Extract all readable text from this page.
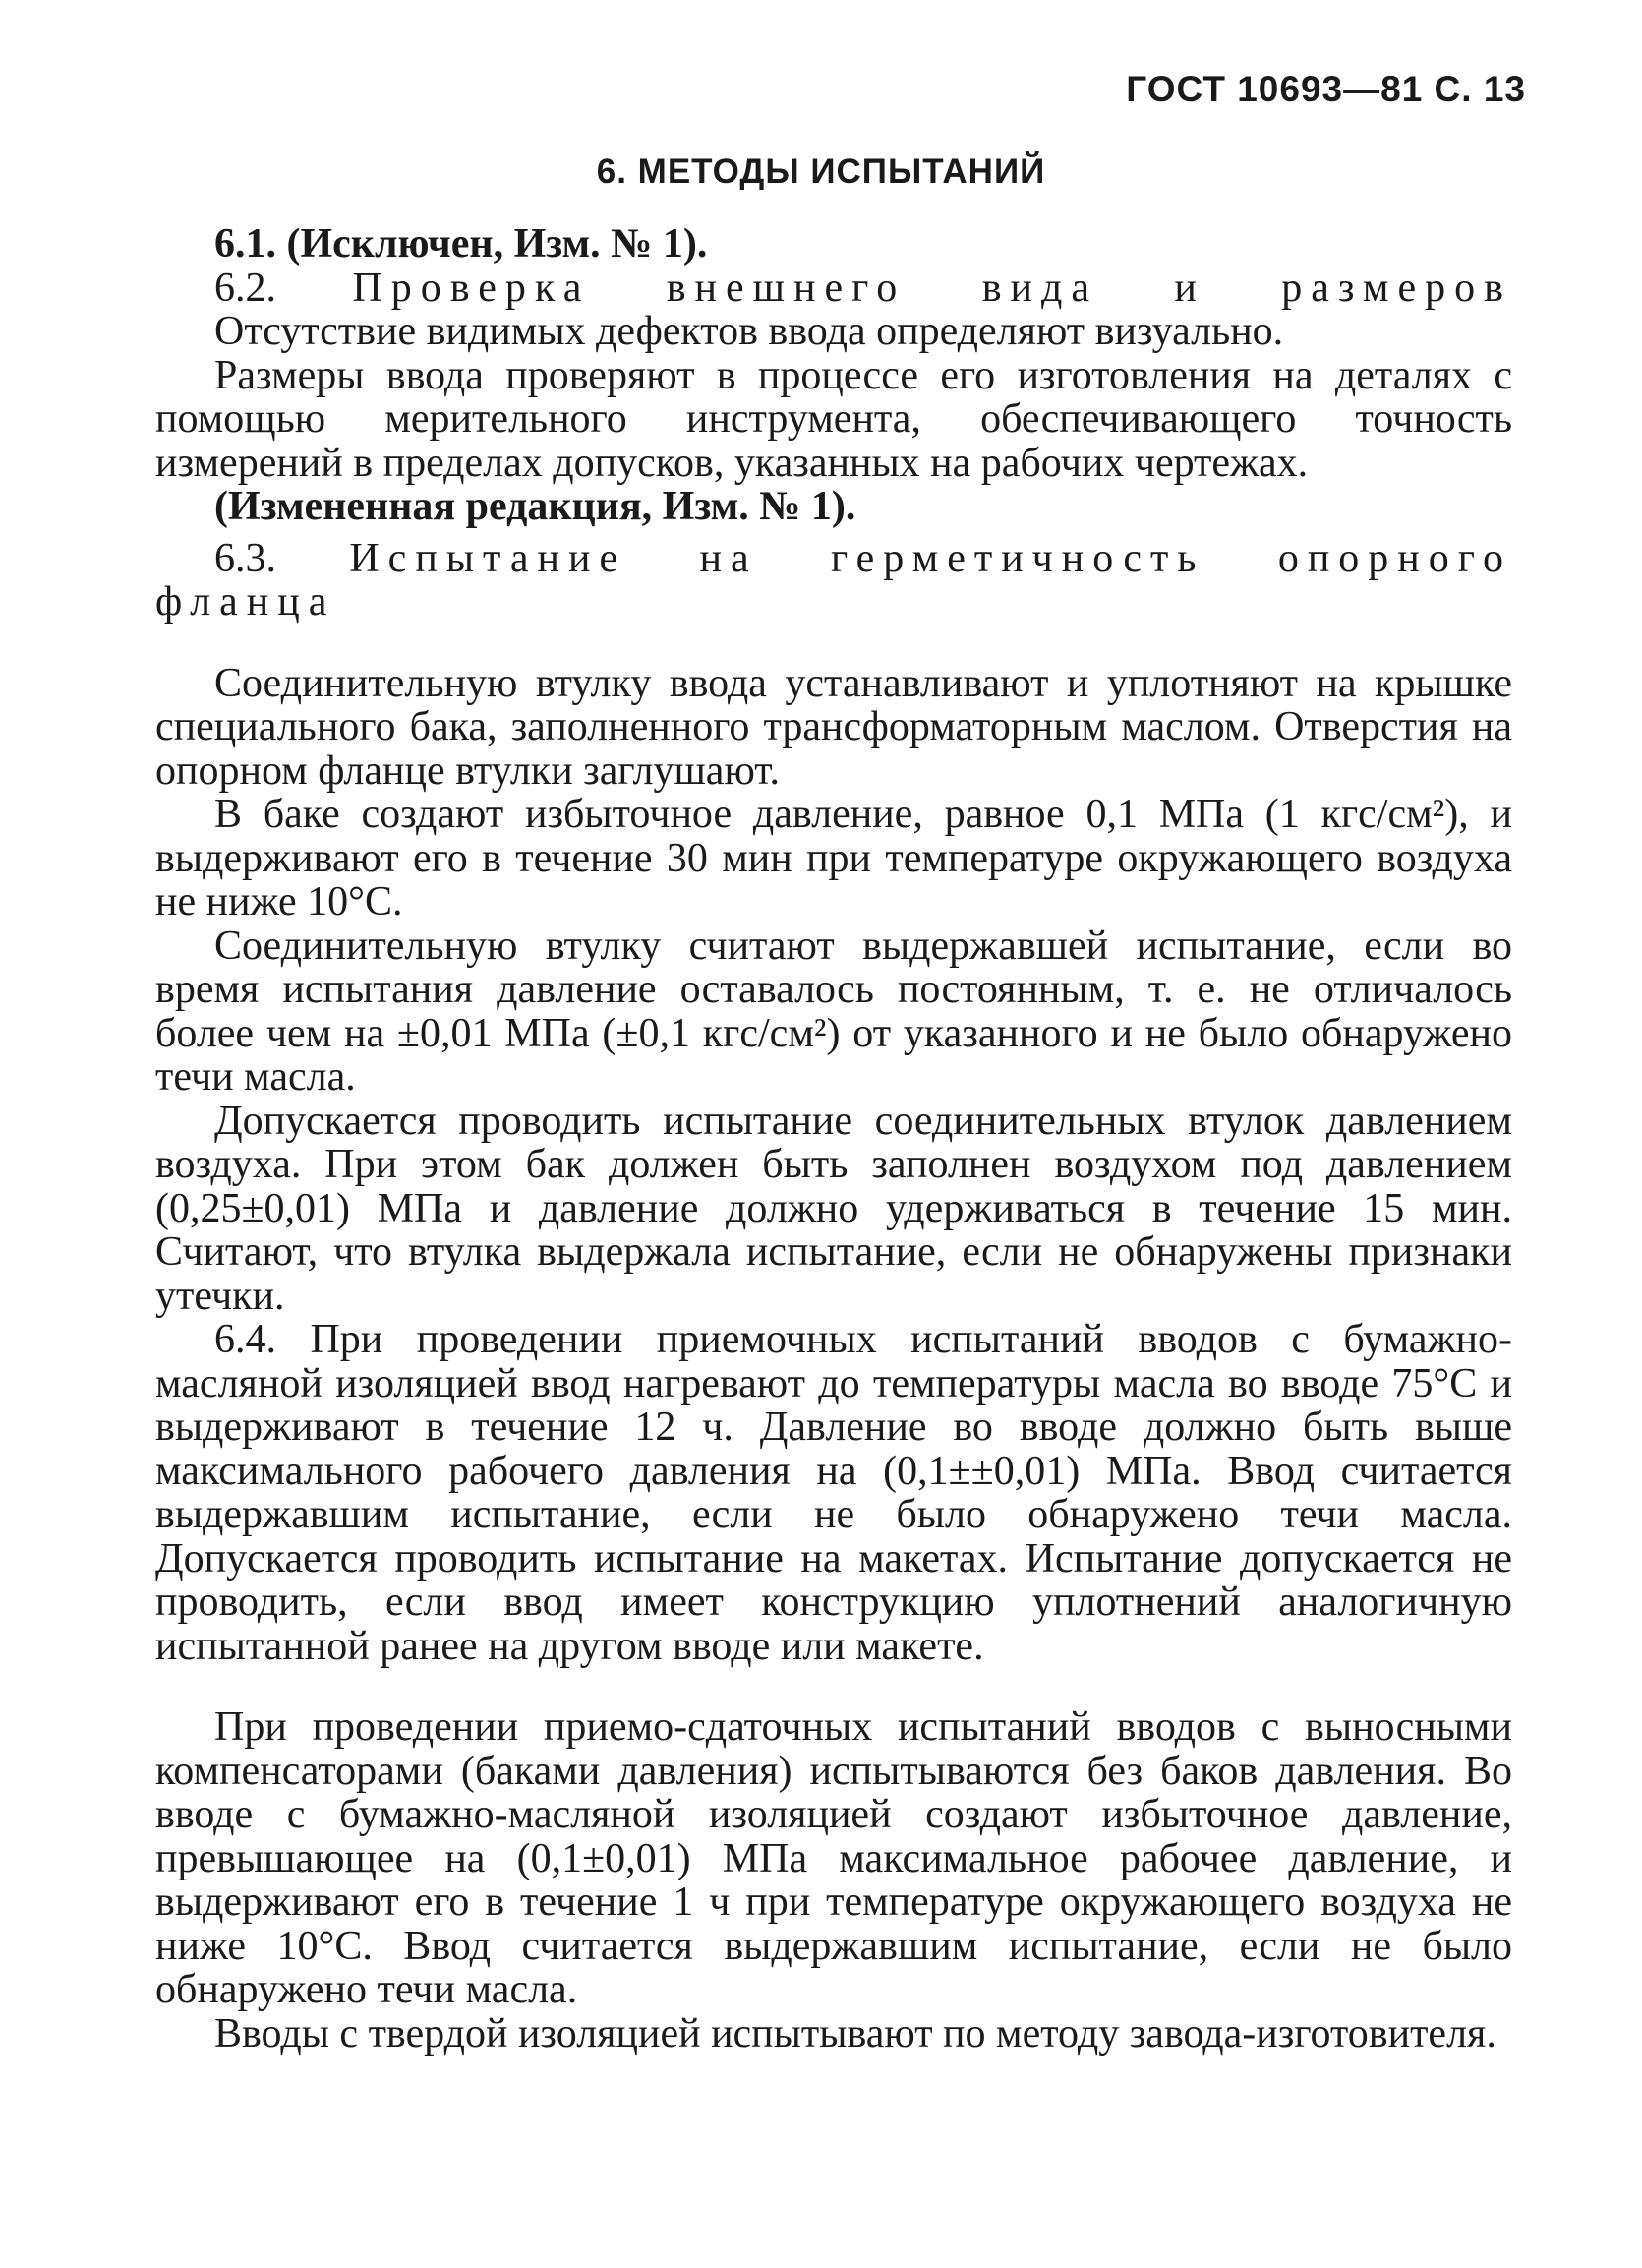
ГОСТ 10693—81 С. 13
6. МЕТОДЫ ИСПЫТАНИЙ

6.1. (Исключен, Изм. № 1).

6.2. Проверка внешнего вида и размеров

Отсутствие видимых дефектов ввода определяют визуально.

Размеры ввода проверяют в процессе его изготовления на деталях с помощью мерительного инструмента, обеспечивающего точность измерений в пределах допусков, указанных на рабочих чертежах.

(Измененная редакция, Изм. № 1).

6.3. Испытание на герметичность опорного

фланца

Соединительную втулку ввода устанавливают и уплотняют на крышке специального бака, заполненного трансформаторным маслом. Отверстия на опорном фланце втулки заглушают.

В баке создают избыточное давление, равное 0,1 МПа (1 кгс/см²), и выдерживают его в течение 30 мин при температуре окружающего воздуха не ниже 10°С.

Соединительную втулку считают выдержавшей испытание, если во время испытания давление оставалось постоянным, т. е. не отличалось более чем на ±0,01 МПа (±0,1 кгс/см²) от указанного и не было обнаружено течи масла.

Допускается проводить испытание соединительных втулок давлением воздуха. При этом бак должен быть заполнен воздухом под давлением (0,25±0,01) МПа и давление должно удерживаться в течение 15 мин. Считают, что втулка выдержала испытание, если не обнаружены признаки утечки.

6.4. При проведении приемочных испытаний вводов с бумажно-масляной изоляцией ввод нагревают до температуры масла во вводе 75°С и выдерживают в течение 12 ч. Давление во вводе должно быть выше максимального рабочего давления на (0,1±±0,01) МПа. Ввод считается выдержавшим испытание, если не было обнаружено течи масла. Допускается проводить испытание на макетах. Испытание допускается не проводить, если ввод имеет конструкцию уплотнений аналогичную испытанной ранее на другом вводе или макете.

При проведении приемо-сдаточных испытаний вводов с выносными компенсаторами (баками давления) испытываются без баков давления. Во вводе с бумажно-масляной изоляцией создают избыточное давление, превышающее на (0,1±0,01) МПа максимальное рабочее давление, и выдерживают его в течение 1 ч при температуре окружающего воздуха не ниже 10°С. Ввод считается выдержавшим испытание, если не было обнаружено течи масла.

Вводы с твердой изоляцией испытывают по методу завода-изготовителя.
